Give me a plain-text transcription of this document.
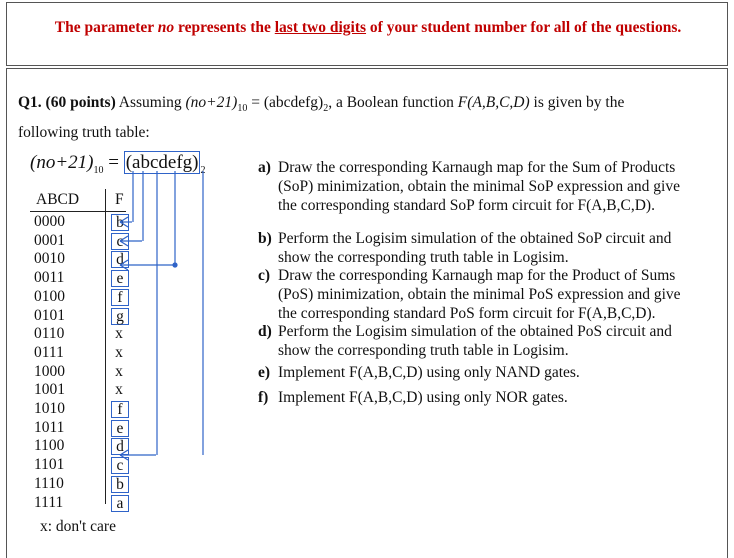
The parameter no represents the last two digits of your student number for all of the questions.
Q1. (60 points) Assuming $(no+21)_{10}$ = $(abcdefg)_2$, a Boolean function F(A,B,C,D) is given by the
following truth table:
$(no+21)_{10}$ = (abcdefg) $_2$
ABCD F
0000	b
0001	c
0010	d
0011	e
0100	f
0101	g
0110	x
0111	x
1000	x
1001	x
1010	f
1011	e
1100	d
1101	c
1110	b
1111	a
x: don't care
a) Draw the corresponding Karnaugh map for the Sum of Products
(SoP) minimization, obtain the minimal SoP expression and give
the corresponding standard SoP form circuit for F(A,B,C,D).
b) Perform the Logisim simulation of the obtained SoP circuit and
show the corresponding truth table in Logisim.
c) Draw the corresponding Karnaugh map for the Product of Sums
(PoS) minimization, obtain the minimal PoS expression and give
the corresponding standard PoS form circuit for F(A,B,C,D).
d) Perform the Logisim simulation of the obtained PoS circuit and
show the corresponding truth table in Logisim.
e) Implement F(A,B,C,D) using only NAND gates.
f) Implement F(A,B,C,D) using only NOR gates.
